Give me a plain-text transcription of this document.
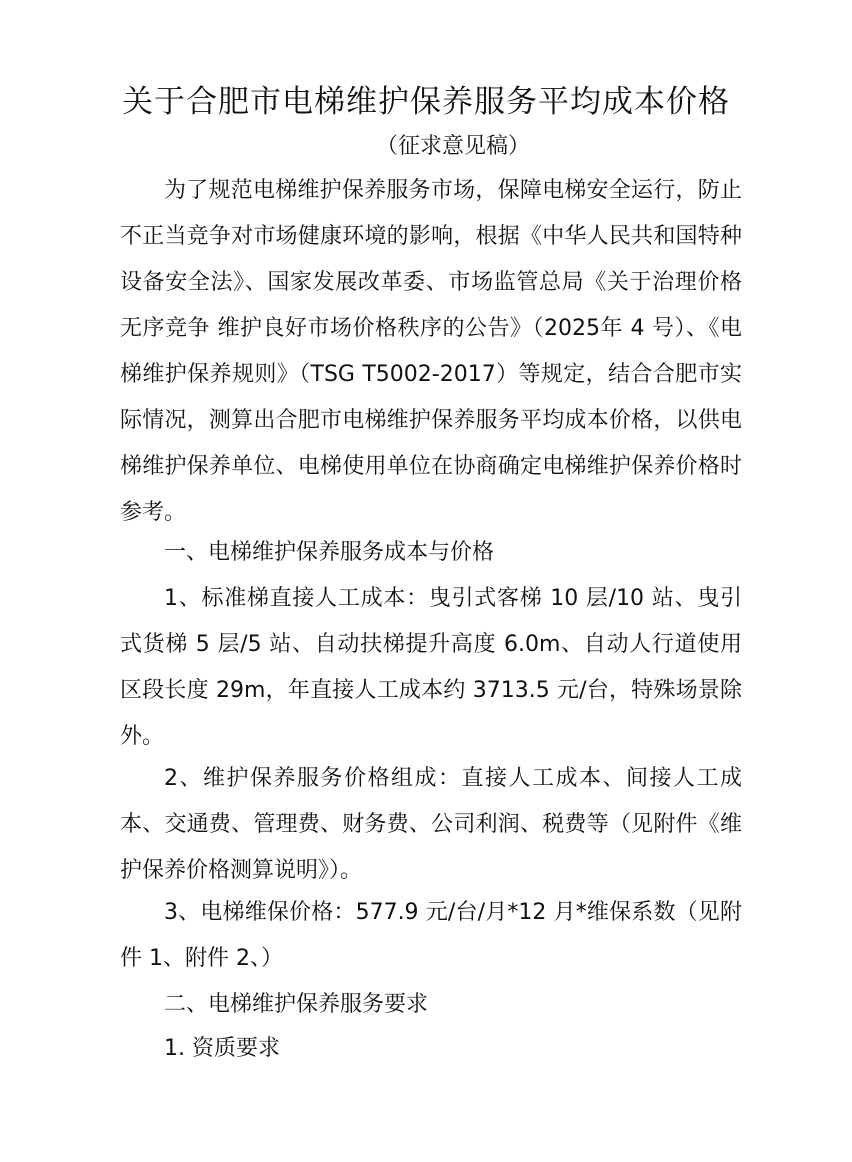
关于合肥市电梯维护保养服务平均成本价格
（征求意见稿）

为了规范电梯维护保养服务市场，保障电梯安全运行，防止不正当竞争对市场健康环境的影响，根据《中华人民共和国特种设备安全法》、国家发展改革委、市场监管总局《关于治理价格无序竞争 维护良好市场价格秩序的公告》（2025年 4 号）、《电梯维护保养规则》（TSG T5002-2017）等规定，结合合肥市实际情况，测算出合肥市电梯维护保养服务平均成本价格，以供电梯维护保养单位、电梯使用单位在协商确定电梯维护保养价格时参考。

一、电梯维护保养服务成本与价格

1、标准梯直接人工成本：曳引式客梯 10 层/10 站、曳引式货梯 5 层/5 站、自动扶梯提升高度 6.0m、自动人行道使用区段长度 29m，年直接人工成本约 3713.5 元/台，特殊场景除外。

2、维护保养服务价格组成：直接人工成本、间接人工成本、交通费、管理费、财务费、公司利润、税费等（见附件《维护保养价格测算说明》）。

3、电梯维保价格：577.9 元/台/月*12 月*维保系数（见附件 1、附件 2、）

二、电梯维护保养服务要求

1. 资质要求
